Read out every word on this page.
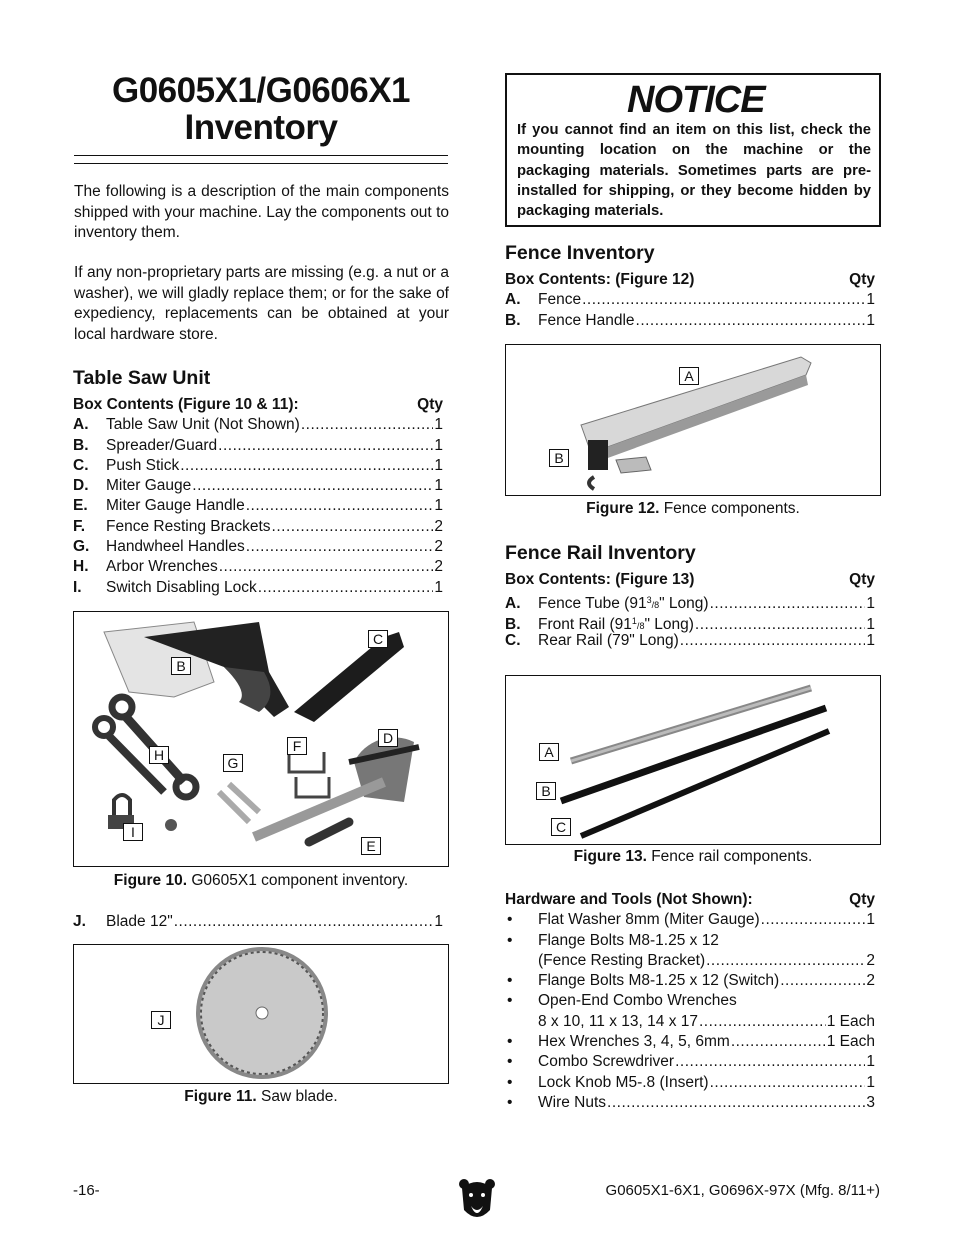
G0605X1/G0606X1
Inventory

The following is a description of the main components shipped with your machine. Lay the components out to inventory them.

If any non-proprietary parts are missing (e.g. a nut or a washer), we will gladly replace them; or for the sake of expediency, replacements can be obtained at your local hardware store.

Table Saw Unit
Box Contents (Figure 10 & 11):	Qty
A.	Table Saw Unit (Not Shown) .....	1
B.	Spreader/Guard .....	1
C.	Push Stick .....	1
D.	Miter Gauge .....	1
E.	Miter Gauge Handle .....	1
F.	Fence Resting Brackets .....	2
G.	Handwheel Handles .....	2
H.	Arbor Wrenches .....	2
I.	Switch Disabling Lock .....	1
B
C
D
F
H	G
I
E
Figure 10. G0605X1 component inventory.
J.	Blade 12" .....	1
J
Figure 11. Saw blade.
NOTICE
If you cannot find an item on this list, check the mounting location on the machine or the packaging materials. Sometimes parts are pre-installed for shipping, or they become hidden by packaging materials.
Fence Inventory
Box Contents: (Figure 12)	Qty
A.	Fence .....	1
B.	Fence Handle .....	1
A
B
Figure 12. Fence components.
Fence Rail Inventory
Box Contents: (Figure 13)	Qty
A.	Fence Tube ($91^3/8$" Long) .....	1
B.	Front Rail ($91^1/8$" Long) .....	1
C.	Rear Rail (79" Long) .....	1
A
B
C
Figure 13. Fence rail components.
Hardware and Tools (Not Shown):	Qty
•	Flat Washer 8mm (Miter Gauge) .....	1
•	Flange Bolts M8-1.25 x 12
(Fence Resting Bracket) .....	2
•	Flange Bolts M8-1.25 x 12 (Switch) .....	2
•	Open-End Combo Wrenches
8 x 10, 11 x 13, 14 x 17 .....	1 Each
•	Hex Wrenches 3, 4, 5, 6mm .....	1 Each
•	Combo Screwdriver .....	1
•	Lock Knob M5-.8 (Insert) .....	1
•	Wire Nuts .....	3
-16-	G0605X1-6X1, G0696X-97X (Mfg. 8/11+)
